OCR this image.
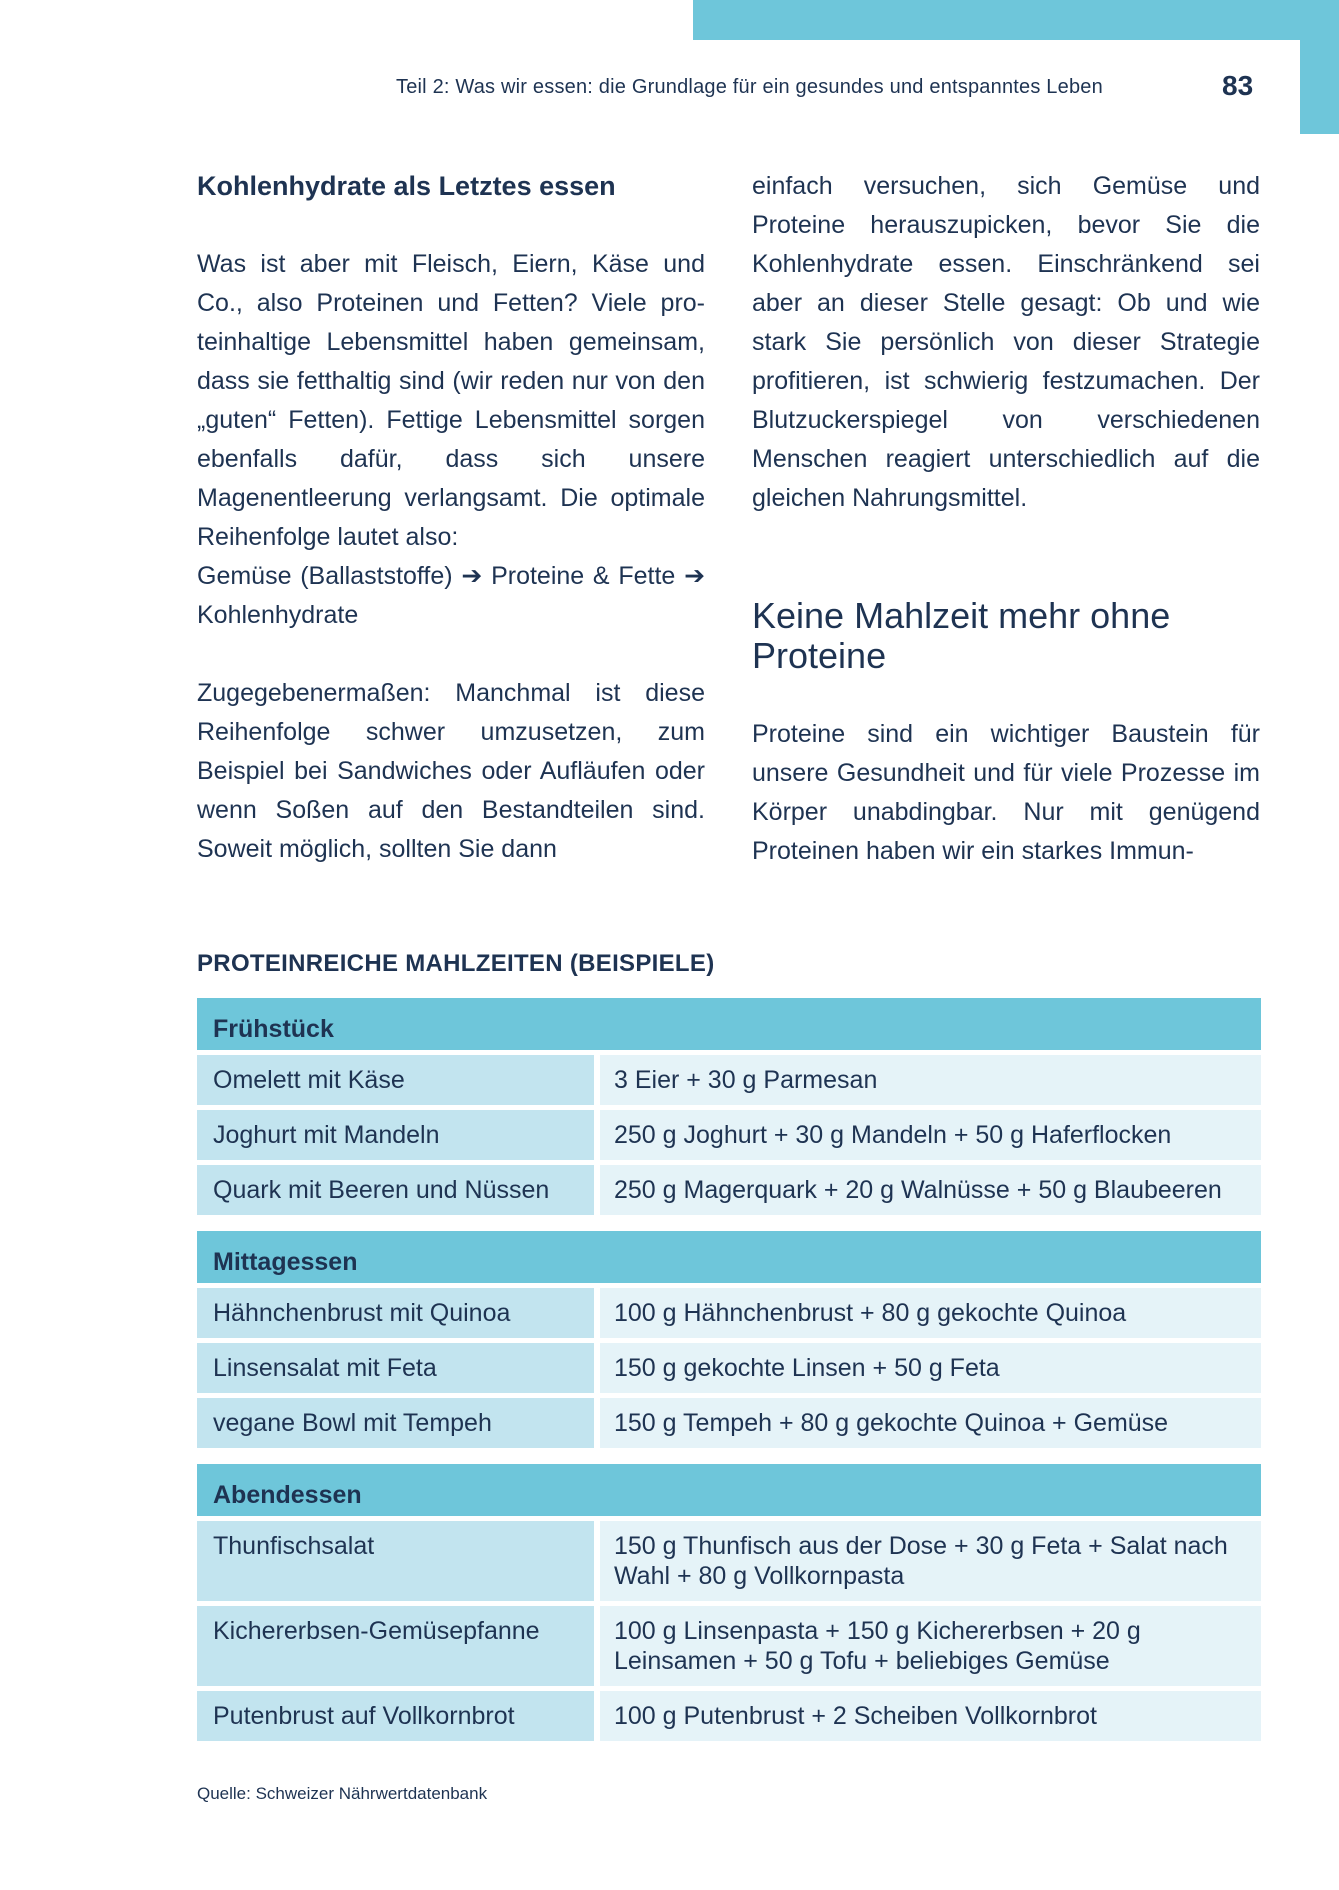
Teil 2: Was wir essen: die Grundlage für ein gesundes und entspanntes Leben	83
Kohlenhydrate als Letztes essen

Was ist aber mit Fleisch, Eiern, Käse und Co., also Proteinen und Fetten? Viele proteinhaltige Lebensmittel haben gemeinsam, dass sie fetthaltig sind (wir reden nur von den „guten“ Fetten). Fettige Lebensmittel sorgen ebenfalls dafür, dass sich unsere Magenentleerung verlangsamt. Die optimale Reihenfolge lautet also:
Gemüse (Ballaststoffe) ➔ Proteine & Fette ➔ Kohlenhydrate

Zugegebenermaßen: Manchmal ist diese Reihenfolge schwer umzusetzen, zum Beispiel bei Sandwiches oder Aufläufen oder wenn Soßen auf den Bestandteilen sind. Soweit möglich, sollten Sie dann

einfach versuchen, sich Gemüse und Proteine herauszupicken, bevor Sie die Kohlenhydrate essen. Einschränkend sei aber an dieser Stelle gesagt: Ob und wie stark Sie persönlich von dieser Strategie profitieren, ist schwierig festzumachen. Der Blutzuckerspiegel von verschiedenen Menschen reagiert unterschiedlich auf die gleichen Nahrungsmittel.

Keine Mahlzeit mehr ohne Proteine

Proteine sind ein wichtiger Baustein für unsere Gesundheit und für viele Prozesse im Körper unabdingbar. Nur mit genügend Proteinen haben wir ein starkes Immun-

PROTEINREICHE MAHLZEITEN (BEISPIELE)
Frühstück
Omelett mit Käse	3 Eier + 30 g Parmesan
Joghurt mit Mandeln	250 g Joghurt + 30 g Mandeln + 50 g Haferflocken
Quark mit Beeren und Nüssen	250 g Magerquark + 20 g Walnüsse + 50 g Blaubeeren
Mittagessen
Hähnchenbrust mit Quinoa	100 g Hähnchenbrust + 80 g gekochte Quinoa
Linsensalat mit Feta	150 g gekochte Linsen + 50 g Feta
vegane Bowl mit Tempeh	150 g Tempeh + 80 g gekochte Quinoa + Gemüse
Abendessen
Thunfischsalat	150 g Thunfisch aus der Dose + 30 g Feta + Salat nach Wahl + 80 g Vollkornpasta
Kichererbsen-Gemüsepfanne	100 g Linsenpasta + 150 g Kichererbsen + 20 g Leinsamen + 50 g Tofu + beliebiges Gemüse
Putenbrust auf Vollkornbrot	100 g Putenbrust + 2 Scheiben Vollkornbrot
Quelle: Schweizer Nährwertdatenbank
